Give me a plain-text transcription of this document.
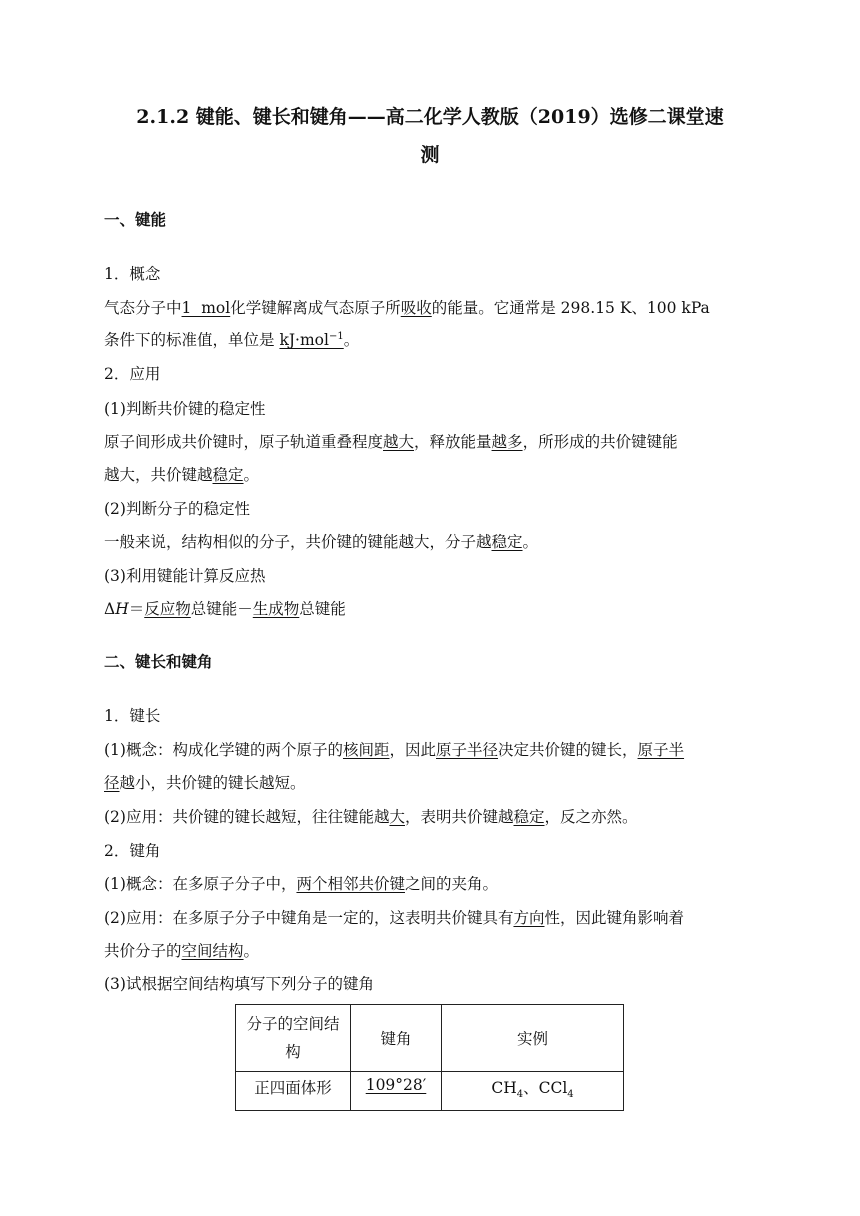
2.1.2 键能、键长和键角——高二化学人教版（2019）选修二课堂速
测
一、键能
1．概念
气态分子中1  mol化学键解离成气态原子所吸收的能量。它通常是 298.15 K、100 kPa
条件下的标准值，单位是 kJ·mol$^{-1}$。
2．应用
(1)判断共价键的稳定性
原子间形成共价键时，原子轨道重叠程度越大，释放能量越多，所形成的共价键键能
越大，共价键越稳定。
(2)判断分子的稳定性
一般来说，结构相似的分子，共价键的键能越大，分子越稳定。
(3)利用键能计算反应热
ΔH＝反应物总键能－生成物总键能
二、键长和键角
1．键长
(1)概念：构成化学键的两个原子的核间距，因此原子半径决定共价键的键长，原子半
径越小，共价键的键长越短。
(2)应用：共价键的键长越短，往往键能越大，表明共价键越稳定，反之亦然。
2．键角
(1)概念：在多原子分子中，两个相邻共价键之间的夹角。
(2)应用：在多原子分子中键角是一定的，这表明共价键具有方向性，因此键角影响着
共价分子的空间结构。
(3)试根据空间结构填写下列分子的键角
分子的空间结
构	键角	实例
正四面体形	109°28′	$CH_4$、CCl$_4$
